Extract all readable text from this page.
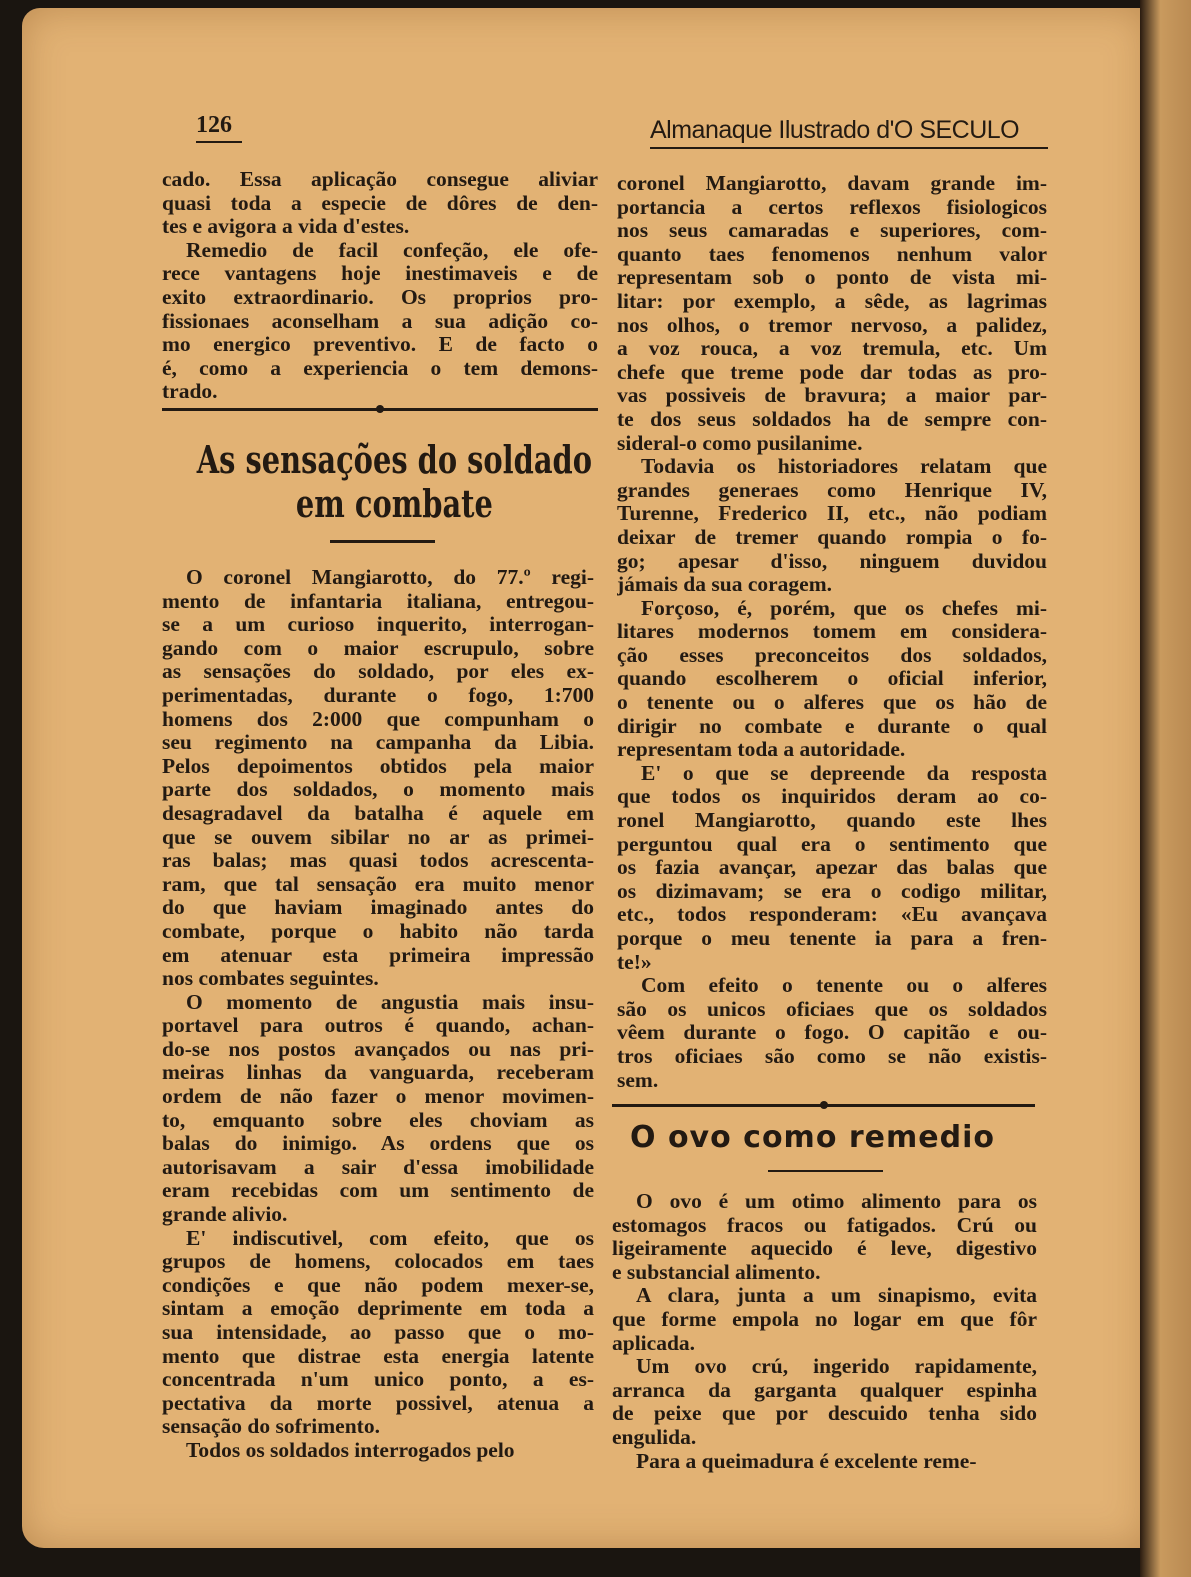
126	Almanaque Ilustrado d'O SECULO
cado. Essa aplicação consegue aliviar
quasi toda a especie de dôres de den-
tes e avigora a vida d'estes.
Remedio de facil confeção, ele ofe-
rece vantagens hoje inestimaveis e de
exito extraordinario. Os proprios pro-
fissionaes aconselham a sua adição co-
mo energico preventivo. E de facto o
é, como a experiencia o tem demons-
trado.
As sensações do soldado
em combate
O coronel Mangiarotto, do 77.º regi-
mento de infantaria italiana, entregou-
se a um curioso inquerito, interrogan-
gando com o maior escrupulo, sobre
as sensações do soldado, por eles ex-
perimentadas, durante o fogo, 1:700
homens dos 2:000 que compunham o
seu regimento na campanha da Libia.
Pelos depoimentos obtidos pela maior
parte dos soldados, o momento mais
desagradavel da batalha é aquele em
que se ouvem sibilar no ar as primei-
ras balas; mas quasi todos acrescenta-
ram, que tal sensação era muito menor
do que haviam imaginado antes do
combate, porque o habito não tarda
em atenuar esta primeira impressão
nos combates seguintes.
O momento de angustia mais insu-
portavel para outros é quando, achan-
do-se nos postos avançados ou nas pri-
meiras linhas da vanguarda, receberam
ordem de não fazer o menor movimen-
to, emquanto sobre eles choviam as
balas do inimigo. As ordens que os
autorisavam a sair d'essa imobilidade
eram recebidas com um sentimento de
grande alivio.
E' indiscutivel, com efeito, que os
grupos de homens, colocados em taes
condições e que não podem mexer-se,
sintam a emoção deprimente em toda a
sua intensidade, ao passo que o mo-
mento que distrae esta energia latente
concentrada n'um unico ponto, a es-
pectativa da morte possivel, atenua a
sensação do sofrimento.
Todos os soldados interrogados pelo
coronel Mangiarotto, davam grande im-
portancia a certos reflexos fisiologicos
nos seus camaradas e superiores, com-
quanto taes fenomenos nenhum valor
representam sob o ponto de vista mi-
litar: por exemplo, a sêde, as lagrimas
nos olhos, o tremor nervoso, a palidez,
a voz rouca, a voz tremula, etc. Um
chefe que treme pode dar todas as pro-
vas possiveis de bravura; a maior par-
te dos seus soldados ha de sempre con-
sideral-o como pusilanime.
Todavia os historiadores relatam que
grandes generaes como Henrique IV,
Turenne, Frederico II, etc., não podiam
deixar de tremer quando rompia o fo-
go; apesar d'isso, ninguem duvidou
jámais da sua coragem.
Forçoso, é, porém, que os chefes mi-
litares modernos tomem em considera-
ção esses preconceitos dos soldados,
quando escolherem o oficial inferior,
o tenente ou o alferes que os hão de
dirigir no combate e durante o qual
representam toda a autoridade.
E' o que se depreende da resposta
que todos os inquiridos deram ao co-
ronel Mangiarotto, quando este lhes
perguntou qual era o sentimento que
os fazia avançar, apezar das balas que
os dizimavam; se era o codigo militar,
etc., todos responderam: «Eu avançava
porque o meu tenente ia para a fren-
te!»
Com efeito o tenente ou o alferes
são os unicos oficiaes que os soldados
vêem durante o fogo. O capitão e ou-
tros oficiaes são como se não existis-
sem.
O ovo como remedio
O ovo é um otimo alimento para os
estomagos fracos ou fatigados. Crú ou
ligeiramente aquecido é leve, digestivo
e substancial alimento.
A clara, junta a um sinapismo, evita
que forme empola no logar em que fôr
aplicada.
Um ovo crú, ingerido rapidamente,
arranca da garganta qualquer espinha
de peixe que por descuido tenha sido
engulida.
Para a queimadura é excelente reme-
